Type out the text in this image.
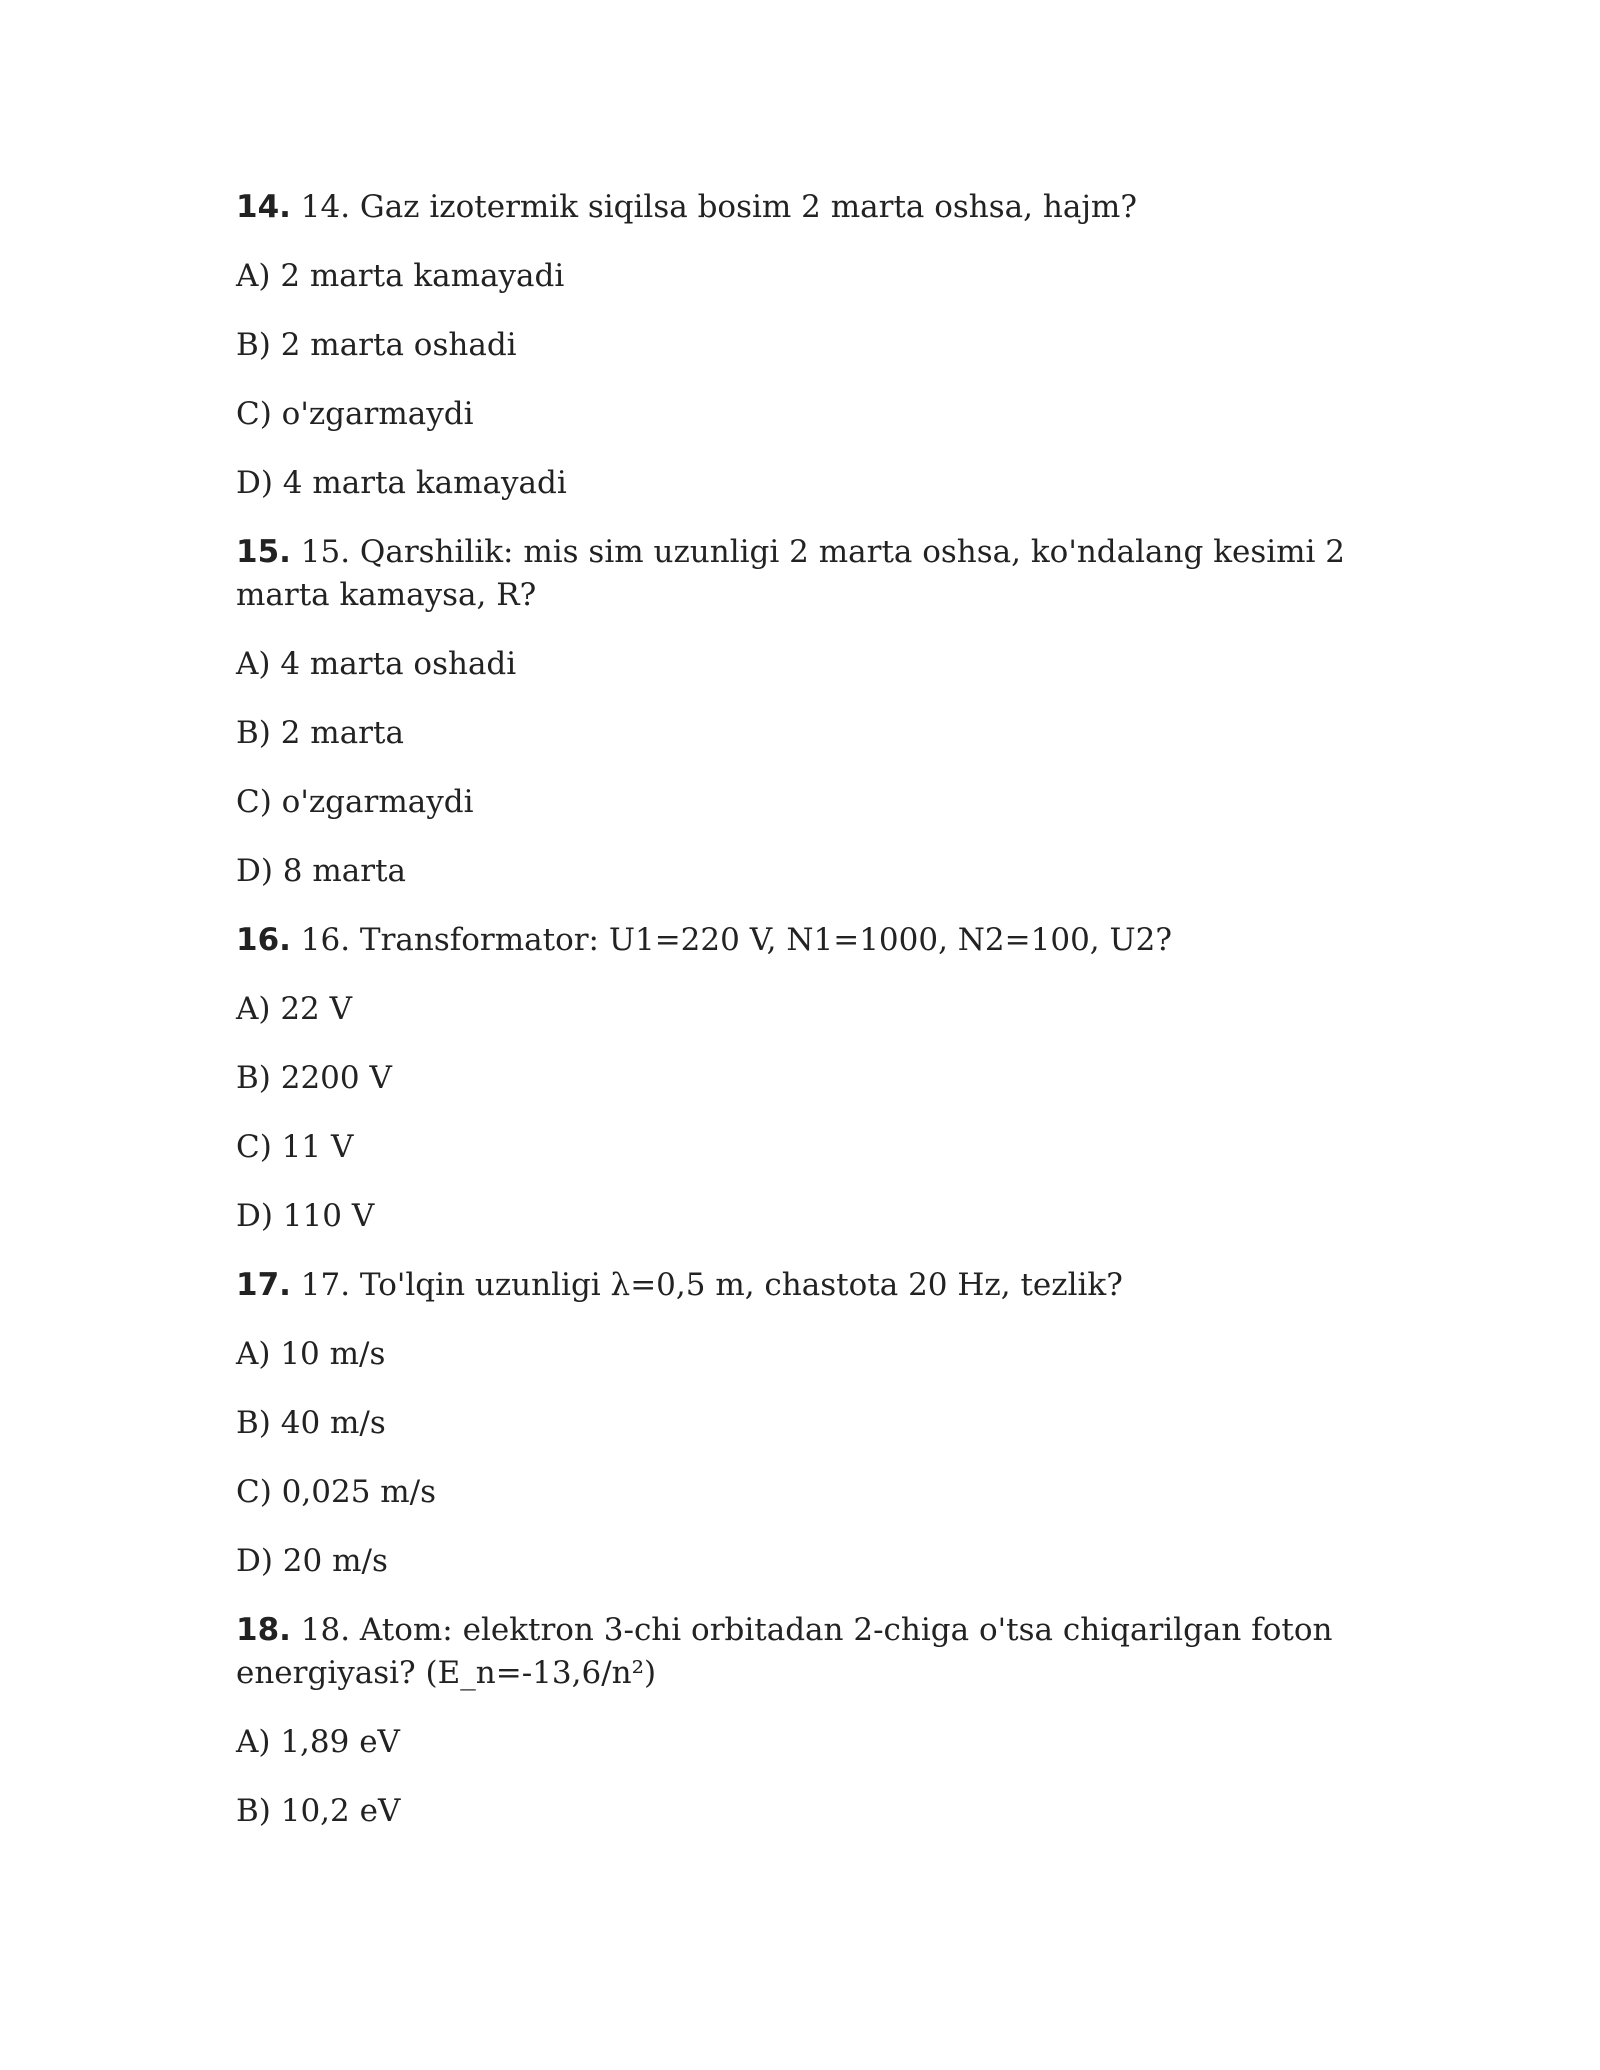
14. 14. Gaz izotermik siqilsa bosim 2 marta oshsa, hajm?
A) 2 marta kamayadi
B) 2 marta oshadi
C) o'zgarmaydi
D) 4 marta kamayadi
15. 15. Qarshilik: mis sim uzunligi 2 marta oshsa, ko'ndalang kesimi 2 marta kamaysa, R?
A) 4 marta oshadi
B) 2 marta
C) o'zgarmaydi
D) 8 marta
16. 16. Transformator: U1=220 V, N1=1000, N2=100, U2?
A) 22 V
B) 2200 V
C) 11 V
D) 110 V
17. 17. To'lqin uzunligi λ=0,5 m, chastota 20 Hz, tezlik?
A) 10 m/s
B) 40 m/s
C) 0,025 m/s
D) 20 m/s
18. 18. Atom: elektron 3-chi orbitadan 2-chiga o'tsa chiqarilgan foton energiyasi? (E_n=-13,6/n²)
A) 1,89 eV
B) 10,2 eV
